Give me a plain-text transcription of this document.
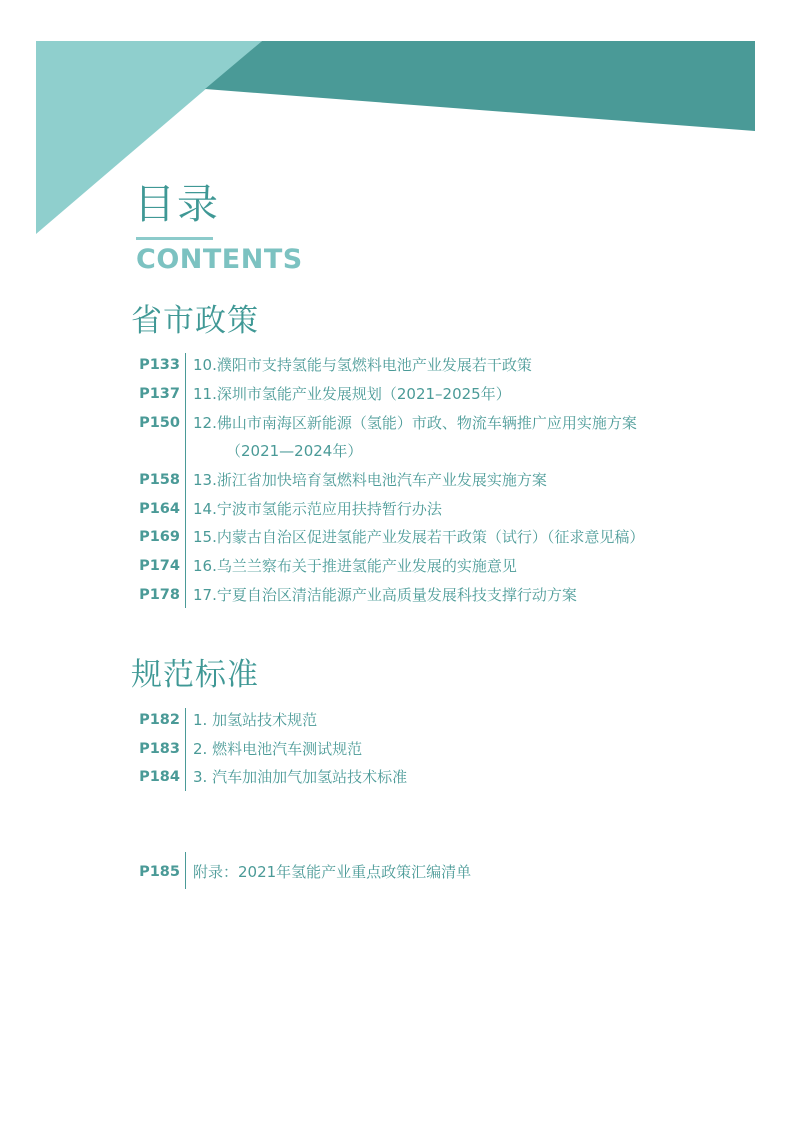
目录
CONTENTS
省市政策
P133 10.濮阳市支持氢能与氢燃料电池产业发展若干政策
P137 11.深圳市氢能产业发展规划（2021–2025年）
P150 12.佛山市南海区新能源（氢能）市政、物流车辆推广应用实施方案
（2021—2024年）
P158 13.浙江省加快培育氢燃料电池汽车产业发展实施方案
P164 14.宁波市氢能示范应用扶持暂行办法
P169 15.内蒙古自治区促进氢能产业发展若干政策（试行）（征求意见稿）
P174 16.乌兰兰察布关于推进氢能产业发展的实施意见
P178 17.宁夏自治区清洁能源产业高质量发展科技支撑行动方案
规范标准
P182 1. 加氢站技术规范
P183 2. 燃料电池汽车测试规范
P184 3. 汽车加油加气加氢站技术标准
P185 附录：2021年氢能产业重点政策汇编清单
